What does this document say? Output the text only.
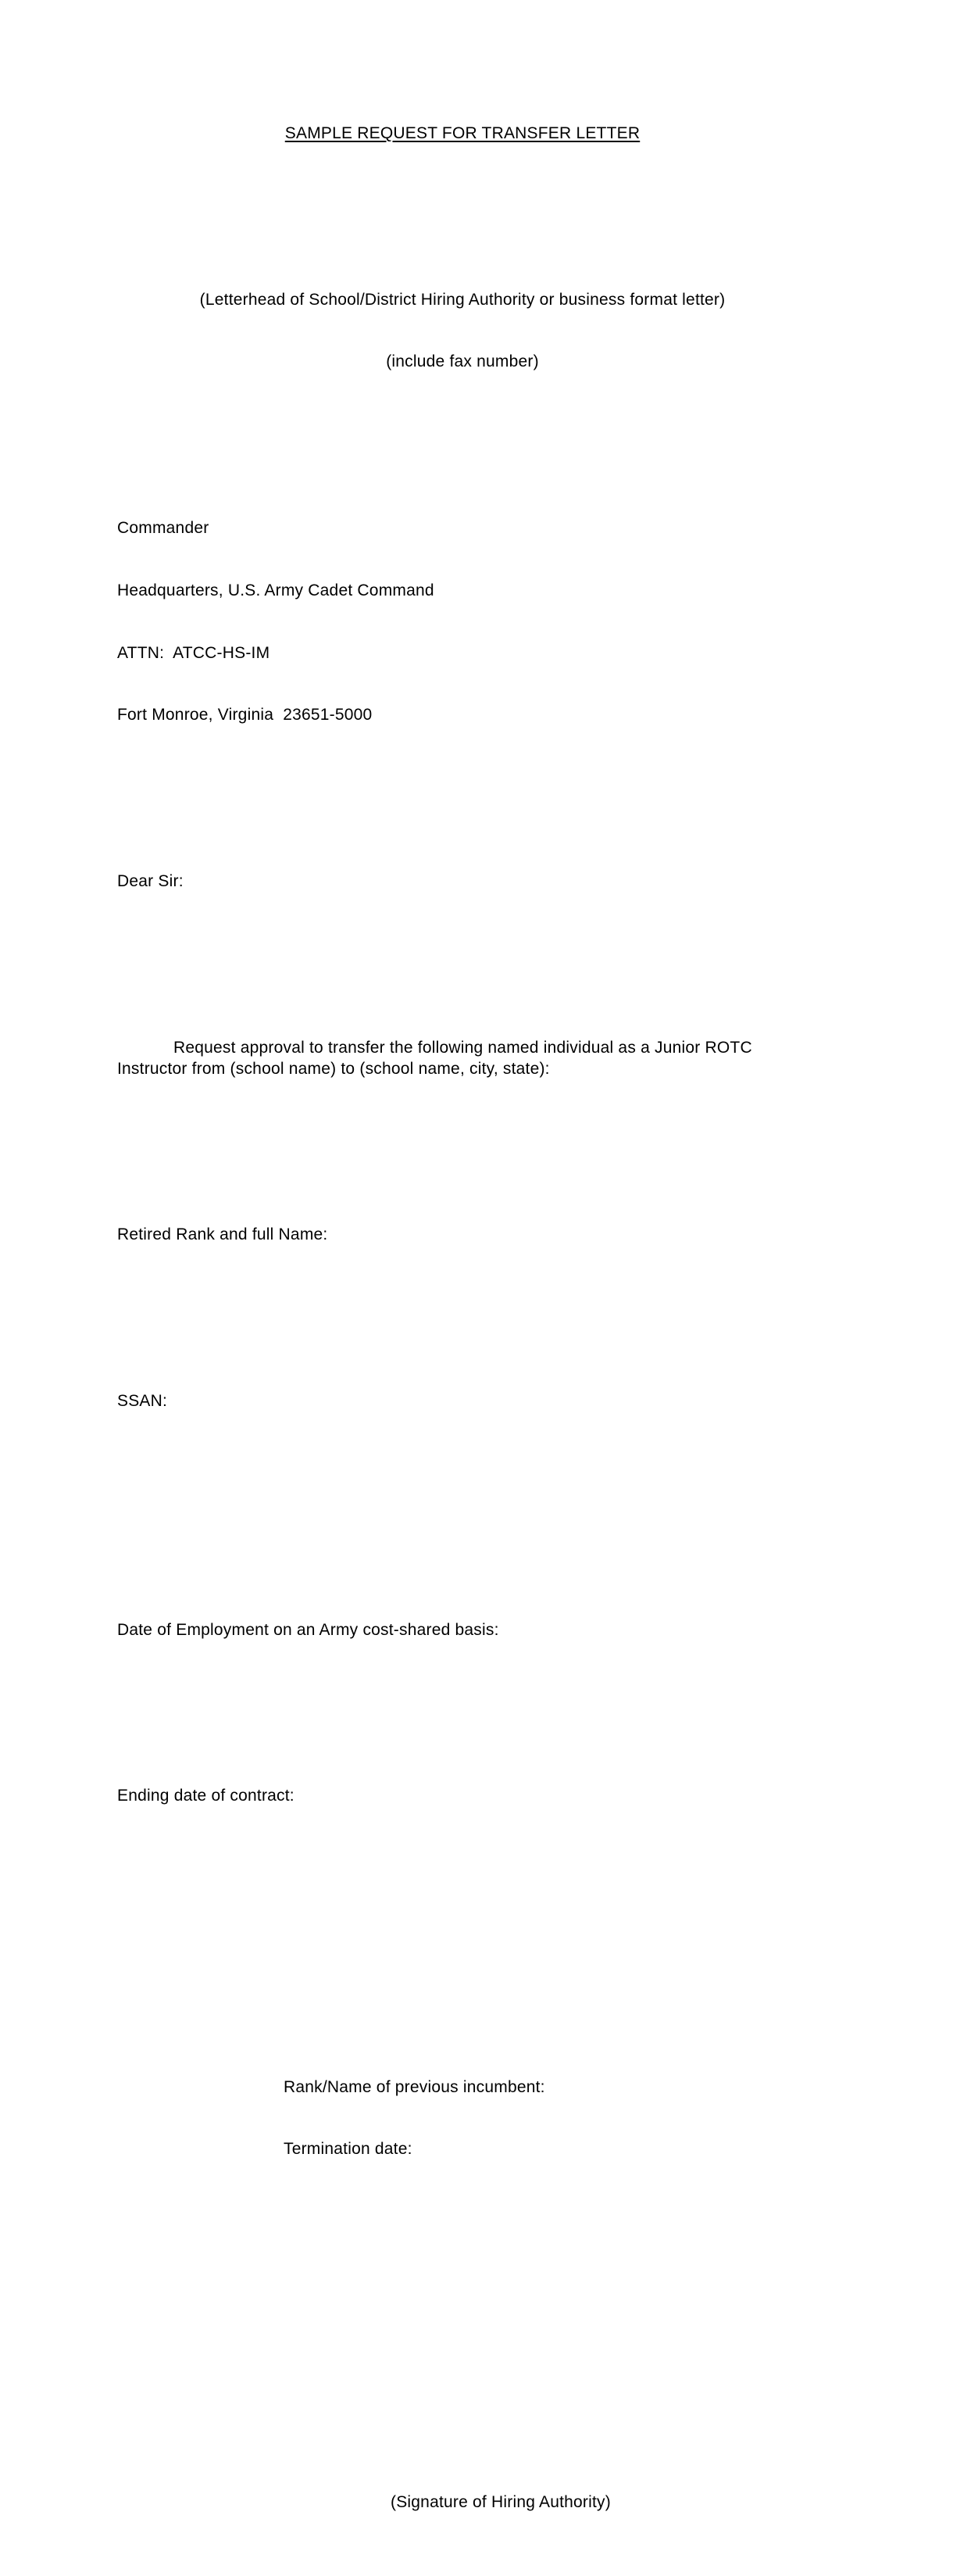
SAMPLE REQUEST FOR TRANSFER LETTER

(Letterhead of School/District Hiring Authority or business format letter)

(include fax number)

Commander

Headquarters, U.S. Army Cadet Command

ATTN:  ATCC-HS-IM

Fort Monroe, Virginia  23651-5000

Dear Sir:

Request approval to transfer the following named individual as a Junior ROTC Instructor from (school name) to (school name, city, state):

Retired Rank and full Name:

SSAN:

Date of Employment on an Army cost-shared basis:

Ending date of contract:

Rank/Name of previous incumbent:

Termination date:

(Signature of Hiring Authority)
